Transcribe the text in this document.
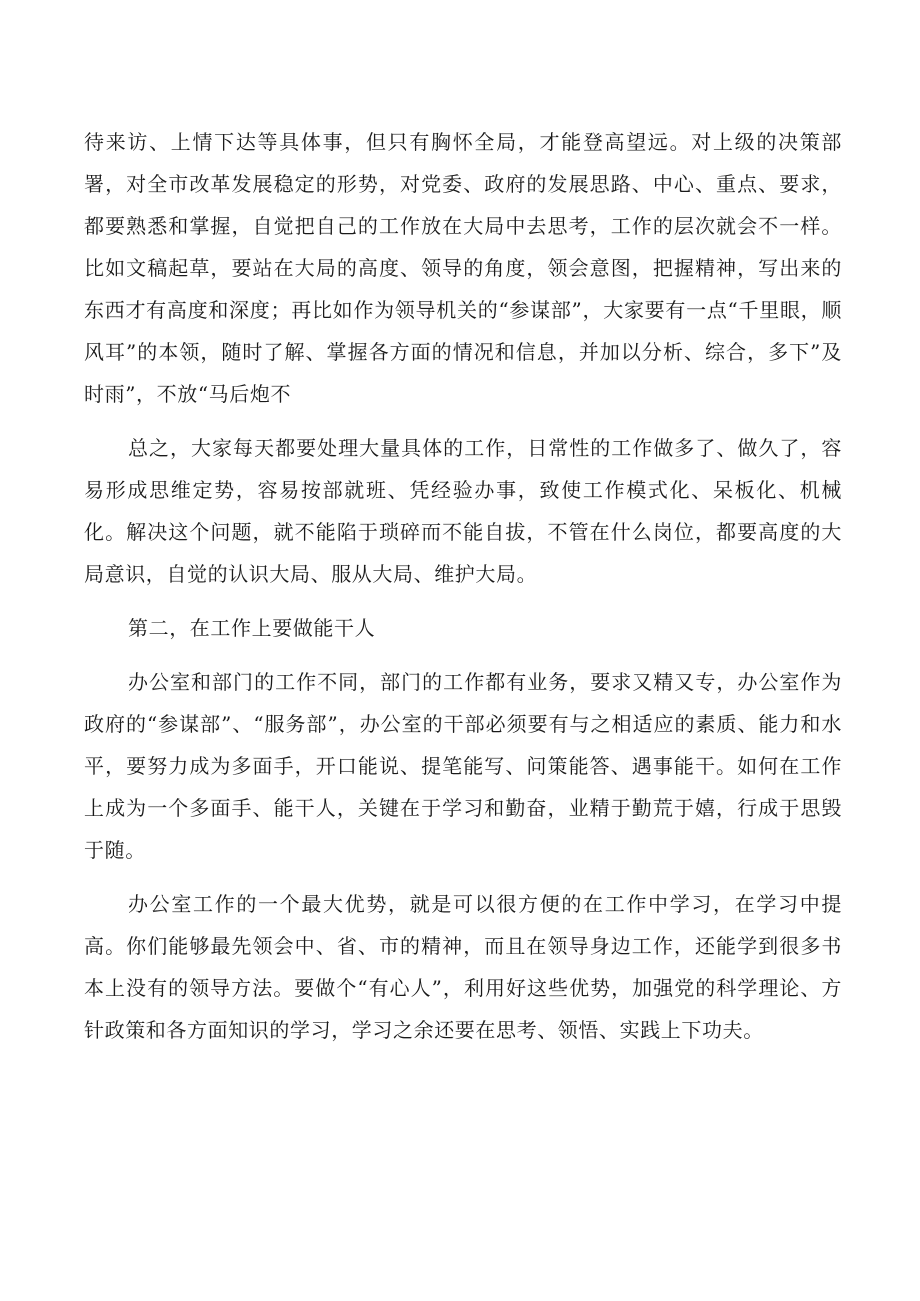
待来访、上情下达等具体事，但只有胸怀全局，才能登高望远。对上级的决策部署，对全市改革发展稳定的形势，对党委、政府的发展思路、中心、重点、要求，都要熟悉和掌握，自觉把自己的工作放在大局中去思考，工作的层次就会不一样。比如文稿起草，要站在大局的高度、领导的角度，领会意图，把握精神，写出来的东西才有高度和深度；再比如作为领导机关的“参谋部”，大家要有一点“千里眼，顺风耳”的本领，随时了解、掌握各方面的情况和信息，并加以分析、综合，多下”及时雨”，不放“马后炮不

总之，大家每天都要处理大量具体的工作，日常性的工作做多了、做久了，容易形成思维定势，容易按部就班、凭经验办事，致使工作模式化、呆板化、机械化。解决这个问题，就不能陷于琐碎而不能自拔，不管在什么岗位，都要高度的大局意识，自觉的认识大局、服从大局、维护大局。

第二，在工作上要做能干人

办公室和部门的工作不同，部门的工作都有业务，要求又精又专，办公室作为政府的“参谋部”、“服务部”，办公室的干部必须要有与之相适应的素质、能力和水平，要努力成为多面手，开口能说、提笔能写、问策能答、遇事能干。如何在工作上成为一个多面手、能干人，关键在于学习和勤奋，业精于勤荒于嬉，行成于思毁于随。

办公室工作的一个最大优势，就是可以很方便的在工作中学习，在学习中提高。你们能够最先领会中、省、市的精神，而且在领导身边工作，还能学到很多书本上没有的领导方法。要做个“有心人”，利用好这些优势，加强党的科学理论、方针政策和各方面知识的学习，学习之余还要在思考、领悟、实践上下功夫。
